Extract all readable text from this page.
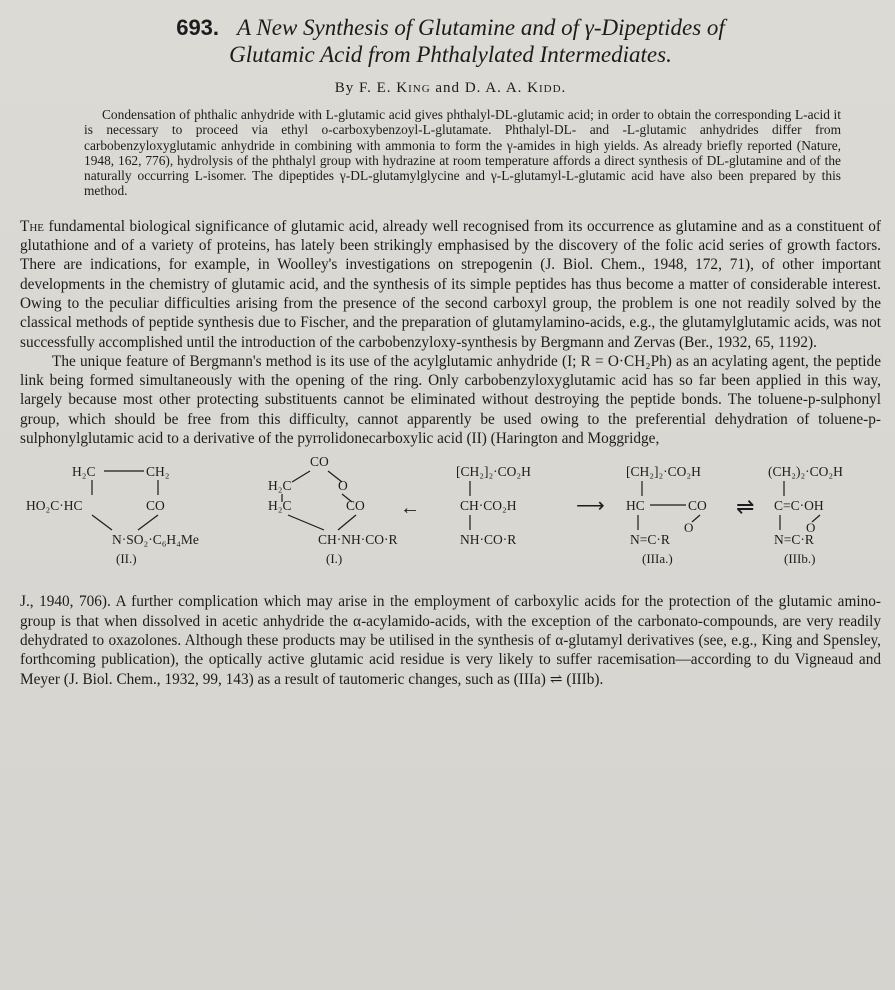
693. A New Synthesis of Glutamine and of γ-Dipeptides of
Glutamic Acid from Phthalylated Intermediates.
By F. E. King and D. A. A. Kidd.

Condensation of phthalic anhydride with L-glutamic acid gives phthalyl-DL-glutamic acid; in order to obtain the corresponding L-acid it is necessary to proceed via ethyl o-carboxybenzoyl-L-glutamate. Phthalyl-DL- and -L-glutamic anhydrides differ from carbobenzyloxyglutamic anhydride in combining with ammonia to form the γ-amides in high yields. As already briefly reported (Nature, 1948, 162, 776), hydrolysis of the phthalyl group with hydrazine at room temperature affords a direct synthesis of DL-glutamine and of the naturally occurring L-isomer. The dipeptides γ-DL-glutamylglycine and γ-L-glutamyl-L-glutamic acid have also been prepared by this method.

The fundamental biological significance of glutamic acid, already well recognised from its occurrence as glutamine and as a constituent of glutathione and of a variety of proteins, has lately been strikingly emphasised by the discovery of the folic acid series of growth factors. There are indications, for example, in Woolley's investigations on strepogenin (J. Biol. Chem., 1948, 172, 71), of other important developments in the chemistry of glutamic acid, and the synthesis of its simple peptides has thus become a matter of considerable interest. Owing to the peculiar difficulties arising from the presence of the second carboxyl group, the problem is one not readily solved by the classical methods of peptide synthesis due to Fischer, and the preparation of glutamylamino-acids, e.g., the glutamylglutamic acids, was not successfully accomplished until the introduction of the carbobenzyloxy-synthesis by Bergmann and Zervas (Ber., 1932, 65, 1192).

The unique feature of Bergmann's method is its use of the acylglutamic anhydride (I; R = O·CH₂Ph) as an acylating agent, the peptide link being formed simultaneously with the opening of the ring. Only carbobenzyloxyglutamic acid has so far been applied in this way, largely because most other protecting substituents cannot be eliminated without destroying the peptide bonds. The toluene-p-sulphonyl group, which should be free from this difficulty, cannot apparently be used owing to the preferential dehydration of toluene-p-sulphonylglutamic acid to a derivative of the pyrrolidonecarboxylic acid (II) (Harington and Moggridge,

H₂C	CH₂
HO₂C·HC	CO
N·SO₂·C₆H₄Me
(II.)
CO
H₂C	O
H₂C	CO
CH·NH·CO·R
(I.)
←
[CH₂]₂·CO₂H
CH·CO₂H
NH·CO·R
⟶
[CH₂]₂·CO₂H
HC	CO
O
N=C·R
(IIIa.)
⇌
(CH₂)₂·CO₂H
C=C·OH
O
N=C·R
(IIIb.)

J., 1940, 706). A further complication which may arise in the employment of carboxylic acids for the protection of the glutamic amino-group is that when dissolved in acetic anhydride the α-acylamido-acids, with the exception of the carbonato-compounds, are very readily dehydrated to oxazolones. Although these products may be utilised in the synthesis of α-glutamyl derivatives (see, e.g., King and Spensley, forthcoming publication), the optically active glutamic acid residue is very likely to suffer racemisation—according to du Vigneaud and Meyer (J. Biol. Chem., 1932, 99, 143) as a result of tautomeric changes, such as (IIIa) ⇌ (IIIb).
